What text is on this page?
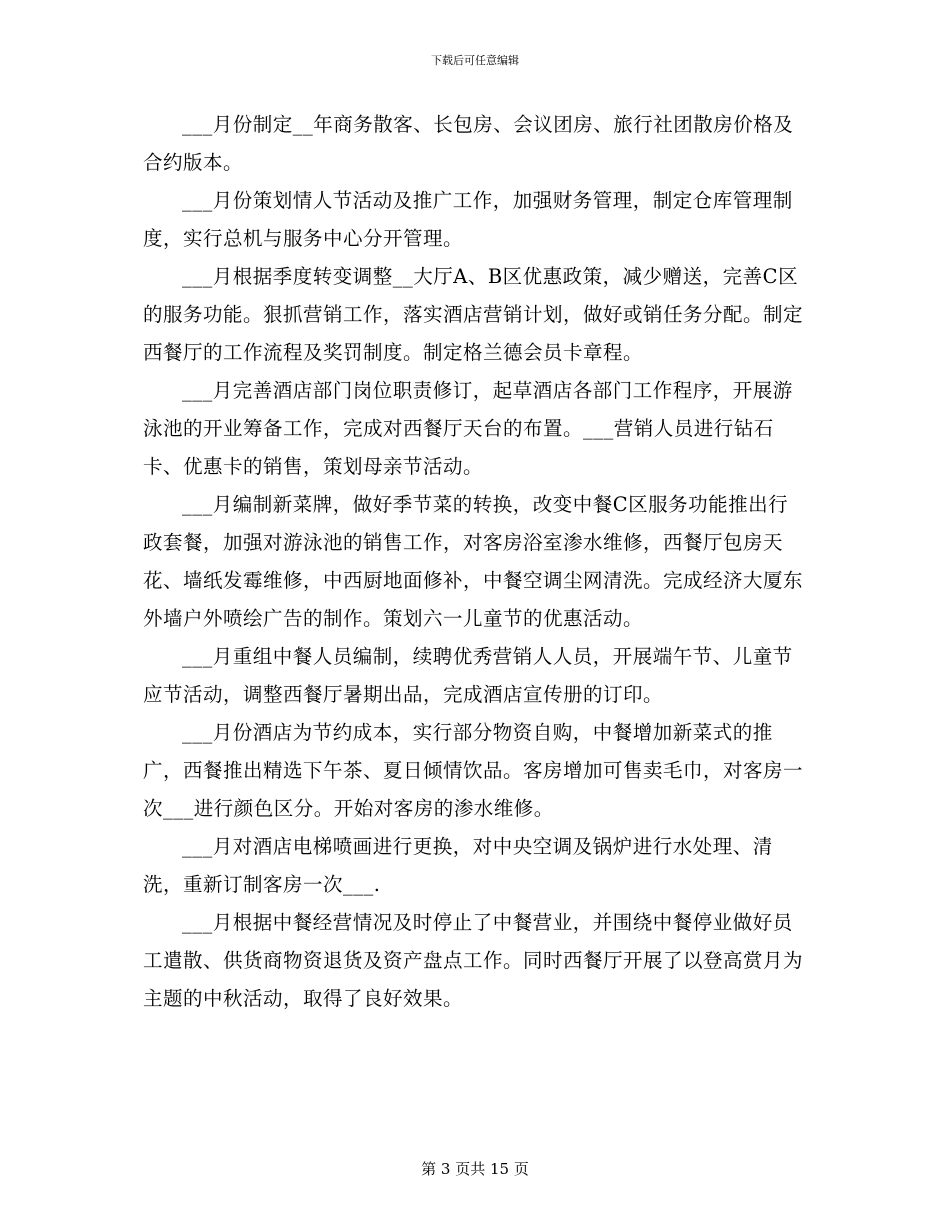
下载后可任意编辑

___月份制定__年商务散客、长包房、会议团房、旅行社团散房价格及合约版本。

___月份策划情人节活动及推广工作，加强财务管理，制定仓库管理制度，实行总机与服务中心分开管理。

___月根据季度转变调整__大厅A、B区优惠政策，减少赠送，完善C区的服务功能。狠抓营销工作，落实酒店营销计划，做好或销任务分配。制定西餐厅的工作流程及奖罚制度。制定格兰德会员卡章程。

___月完善酒店部门岗位职责修订，起草酒店各部门工作程序，开展游泳池的开业筹备工作，完成对西餐厅天台的布置。___营销人员进行钻石卡、优惠卡的销售，策划母亲节活动。

___月编制新菜牌，做好季节菜的转换，改变中餐C区服务功能推出行政套餐，加强对游泳池的销售工作，对客房浴室渗水维修，西餐厅包房天花、墙纸发霉维修，中西厨地面修补，中餐空调尘网清洗。完成经济大厦东外墙户外喷绘广告的制作。策划六一儿童节的优惠活动。

___月重组中餐人员编制，续聘优秀营销人人员，开展端午节、儿童节应节活动，调整西餐厅暑期出品，完成酒店宣传册的订印。

___月份酒店为节约成本，实行部分物资自购，中餐增加新菜式的推广，西餐推出精选下午茶、夏日倾情饮品。客房增加可售卖毛巾，对客房一次___进行颜色区分。开始对客房的渗水维修。

___月对酒店电梯喷画进行更换，对中央空调及锅炉进行水处理、清洗，重新订制客房一次___.

___月根据中餐经营情况及时停止了中餐营业，并围绕中餐停业做好员工遣散、供货商物资退货及资产盘点工作。同时西餐厅开展了以登高赏月为主题的中秋活动，取得了良好效果。

第 3 页共 15 页
